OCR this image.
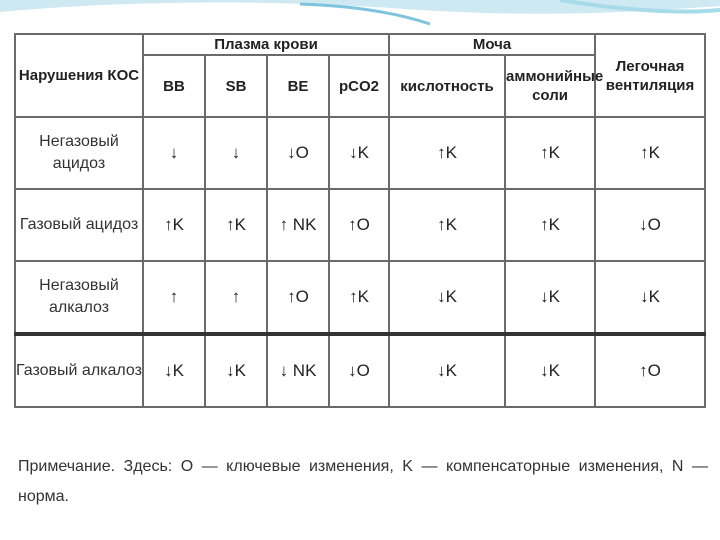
Нарушения КОС	Плазма крови				Моча		Легочная вентиляция
	BB	SB	BE	pCO2	кислотность	аммонийные соли	
Негазовый ацидоз	↓	↓	↓O	↓K	↑K	↑K	↑K
Газовый ацидоз	↑K	↑K	↑ NK	↑O	↑K	↑K	↓O
Негазовый алкалоз	↑	↑	↑O	↑K	↓K	↓K	↓K
Газовый алкалоз	↓K	↓K	↓ NK	↓O	↓K	↓K	↑O
Примечание. Здесь: O — ключевые изменения, K — компенсаторные изменения, N — норма.
